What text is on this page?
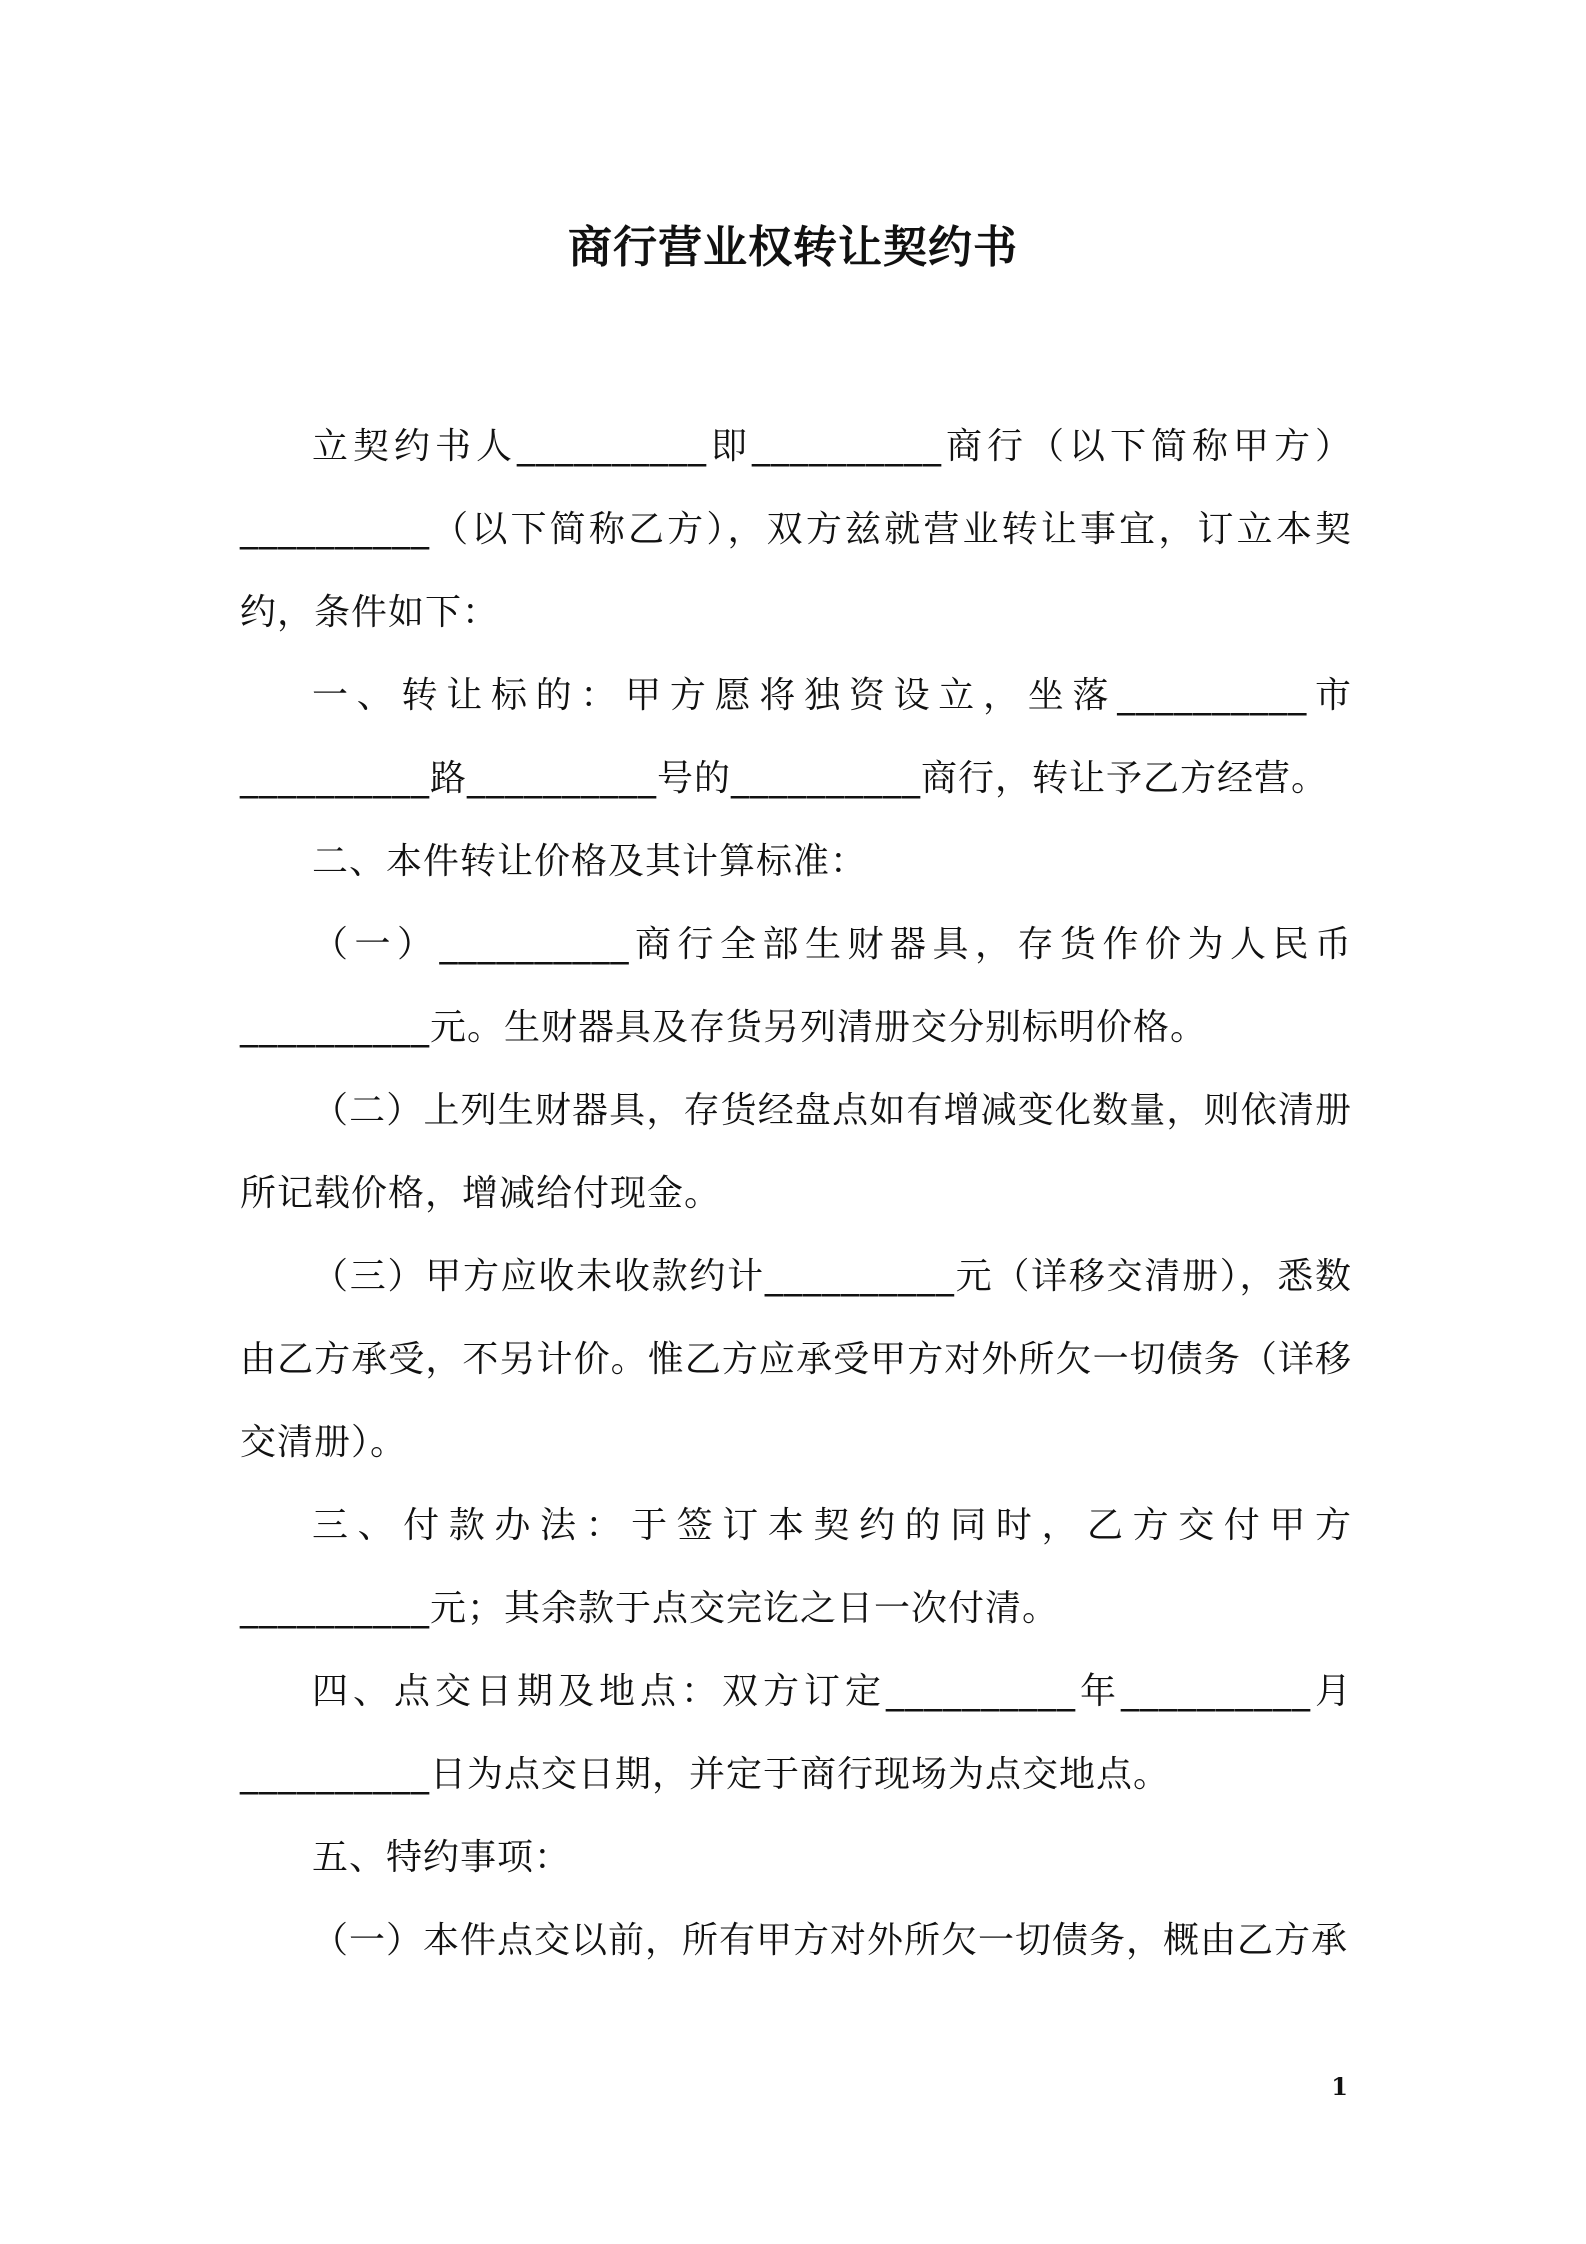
商行营业权转让契约书

立契约书人__________即__________商行（以下简称甲方）__________（以下简称乙方），双方兹就营业转让事宜，订立本契约，条件如下：

一、转让标的：甲方愿将独资设立，坐落__________市__________路__________号的__________商行，转让予乙方经营。

二、本件转让价格及其计算标准：

（一）__________商行全部生财器具，存货作价为人民币__________元。生财器具及存货另列清册交分别标明价格。

（二）上列生财器具，存货经盘点如有增减变化数量，则依清册所记载价格，增减给付现金。

（三）甲方应收未收款约计__________元（详移交清册），悉数由乙方承受，不另计价。惟乙方应承受甲方对外所欠一切债务（详移交清册）。

三、付款办法：于签订本契约的同时，乙方交付甲方__________元；其余款于点交完讫之日一次付清。

四、点交日期及地点：双方订定__________年__________月__________日为点交日期，并定于商行现场为点交地点。

五、特约事项：

（一）本件点交以前，所有甲方对外所欠一切债务，概由乙方承

1
